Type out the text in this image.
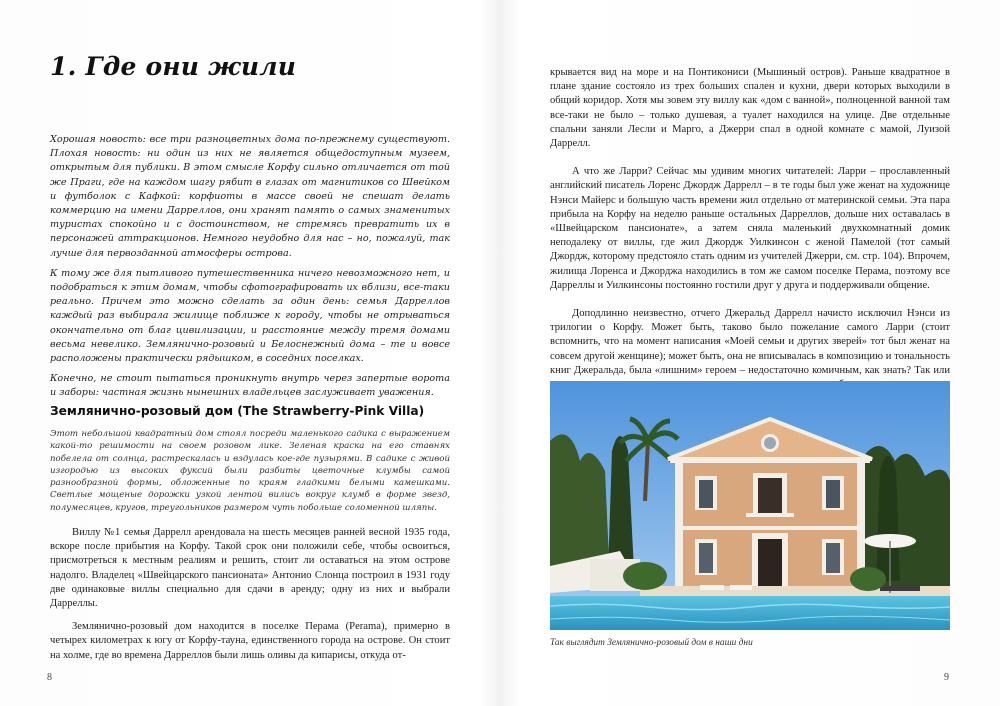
1. Где они жили

Хорошая новость: все три разноцветных дома по-прежнему существуют. Плохая новость: ни один из них не является общедоступным музеем, открытым для публики. В этом смысле Корфу сильно отличается от той же Праги, где на каждом шагу рябит в глазах от магнитиков со Швейком и футболок с Кафкой: корфиоты в массе своей не спешат делать коммерцию на имени Дарреллов, они хранят память о самых знаменитых туристах спокойно и с достоинством, не стремясь превратить их в персонажей аттракционов. Немного неудобно для нас – но, пожалуй, так лучше для первозданной атмосферы острова.

К тому же для пытливого путешественника ничего невозможного нет, и подобраться к этим домам, чтобы сфотографировать их вблизи, все-таки реально. Причем это можно сделать за один день: семья Дарреллов каждый раз выбирала жилище поближе к городу, чтобы не отрываться окончательно от благ цивилизации, и расстояние между тремя домами весьма невелико. Земляничнo-розовый и Белоснежный дома – те и вовсе расположены практически рядышком, в соседних поселках.

Конечно, не стоит пытаться проникнуть внутрь через запертые ворота и заборы: частная жизнь нынешних владельцев заслуживает уважения.

Земляничнo-розовый дом (The Strawberry-Pink Villa)

Этот небольшой квадратный дом стоял посреди маленького садика с выражением какой-то решимости на своем розовом лике. Зеленая краска на его ставнях побелела от солнца, растрескалась и вздулась кое-где пузырями. В садике с живой изгородью из высоких фуксий были разбиты цветочные клумбы самой разнообразной формы, обложенные по краям гладкими белыми камешками. Светлые мощеные дорожки узкой лентой вились вокруг клумб в форме звезд, полумесяцев, кругов, треугольников размером чуть побольше соломенной шляпы.

Виллу №1 семья Даррелл арендовала на шесть месяцев ранней весной 1935 года, вскоре после прибытия на Корфу. Такой срок они положили себе, чтобы освоиться, присмотреться к местным реалиям и решить, стоит ли оставаться на этом острове надолго. Владелец «Швейцарского пансионата» Антонио Слонца построил в 1931 году две одинаковые виллы специально для сдачи в аренду; одну из них и выбрали Дарреллы.

Земляничнo-розовый дом находится в поселке Перама (Perama), примерно в четырех километрах к югу от Корфу-тауна, единственного города на острове. Он стоит на холме, где во времена Дарреллов были лишь оливы да кипарисы, откуда от-

8

крывается вид на море и на Понтикониси (Мышиный остров). Раньше квадратное в плане здание состояло из трех больших спален и кухни, двери которых выходили в общий коридор. Хотя мы зовем эту виллу как «дом с ванной», полноценной ванной там все-таки не было – только душевая, а туалет находился на улице. Две отдельные спальни заняли Лесли и Марго, а Джерри спал в одной комнате с мамой, Луизой Даррелл.

А что же Ларри? Сейчас мы удивим многих читателей: Ларри – прославленный английский писатель Лоренс Джордж Даррелл – в те годы был уже женат на художнице Нэнси Майерс и большую часть времени жил отдельно от материнской семьи. Эта пара прибыла на Корфу на неделю раньше остальных Дарреллов, дольше них оставалась в «Швейцарском пансионате», а затем сняла маленький двухкомнатный домик неподалеку от виллы, где жил Джордж Уилкинсон с женой Памелой (тот самый Джордж, которому предстояло стать одним из учителей Джерри, см. стр. 104). Впрочем, жилища Лоренса и Джорджа находились в том же самом поселке Перама, поэтому все Дарреллы и Уилкинсоны постоянно гостили друг у друга и поддерживали общение.

Доподлинно неизвестно, отчего Джеральд Даррелл начисто исключил Нэнси из трилогии о Корфу. Может быть, таково было пожелание самого Ларри (стоит вспомнить, что на момент написания «Моей семьи и других зверей» тот был женат на совсем другой женщине); может быть, она не вписывалась в композицию и тональность книг Джеральда, была «лишним» героем – недостаточно комичным, как знать? Так или

Так выглядит Земляничнo-розовый дом в наши дни

9
